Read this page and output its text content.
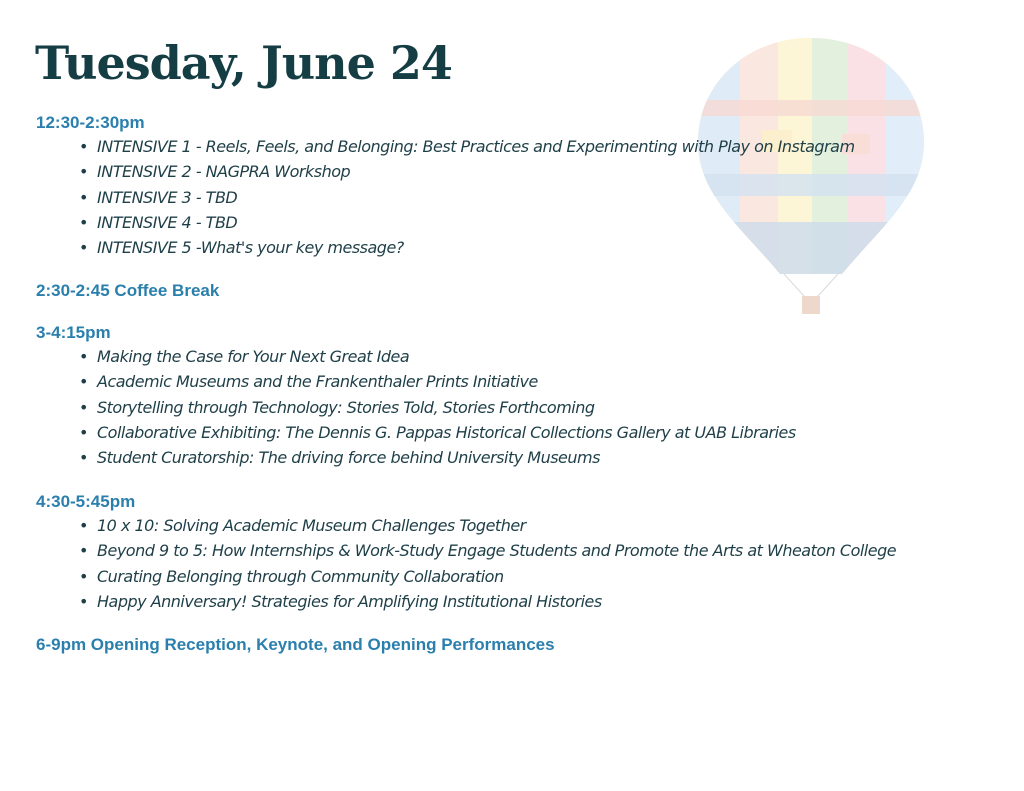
Tuesday, June 24

12:30-2:30pm

• INTENSIVE 1 - Reels, Feels, and Belonging: Best Practices and Experimenting with Play on Instagram
• INTENSIVE 2 - NAGPRA Workshop
• INTENSIVE 3 - TBD
• INTENSIVE 4 - TBD
• INTENSIVE 5 -What's your key message?

2:30-2:45 Coffee Break

3-4:15pm

• Making the Case for Your Next Great Idea
• Academic Museums and the Frankenthaler Prints Initiative
• Storytelling through Technology: Stories Told, Stories Forthcoming
• Collaborative Exhibiting: The Dennis G. Pappas Historical Collections Gallery at UAB Libraries
• Student Curatorship: The driving force behind University Museums

4:30-5:45pm

• 10 x 10: Solving Academic Museum Challenges Together
• Beyond 9 to 5: How Internships & Work-Study Engage Students and Promote the Arts at Wheaton College
• Curating Belonging through Community Collaboration
• Happy Anniversary! Strategies for Amplifying Institutional Histories

6-9pm Opening Reception, Keynote, and Opening Performances
